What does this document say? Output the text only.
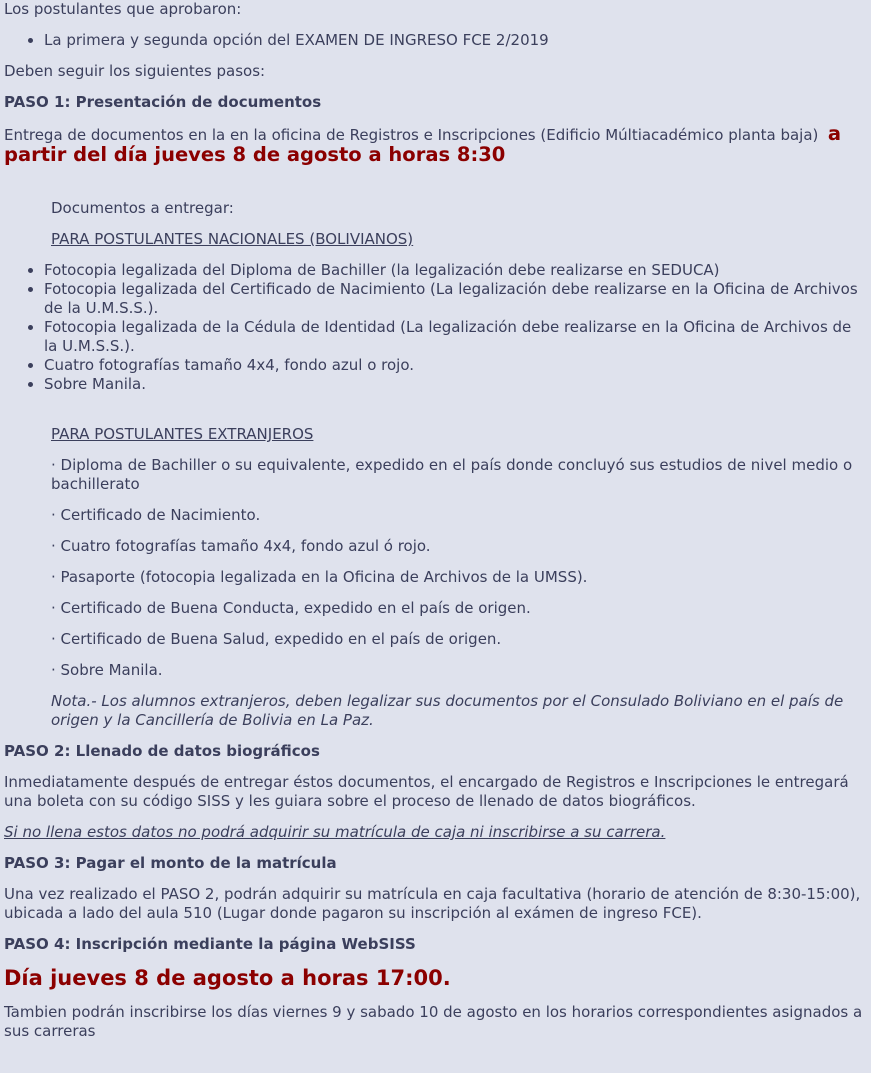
Los postulantes que aprobaron:

• La primera y segunda opción del EXAMEN DE INGRESO FCE 2/2019

Deben seguir los siguientes pasos:

PASO 1: Presentación de documentos

Entrega de documentos en la en la oficina de Registros e Inscripciones (Edificio Múltiacadémico planta baja) a partir del día jueves 8 de agosto a horas 8:30

Documentos a entregar:

PARA POSTULANTES NACIONALES (BOLIVIANOS)

• Fotocopia legalizada del Diploma de Bachiller (la legalización debe realizarse en SEDUCA)
• Fotocopia legalizada del Certificado de Nacimiento (La legalización debe realizarse en la Oficina de Archivos de la U.M.S.S.).
• Fotocopia legalizada de la Cédula de Identidad (La legalización debe realizarse en la Oficina de Archivos de la U.M.S.S.).
• Cuatro fotografías tamaño 4x4, fondo azul o rojo.
• Sobre Manila.

PARA POSTULANTES EXTRANJEROS

· Diploma de Bachiller o su equivalente, expedido en el país donde concluyó sus estudios de nivel medio o bachillerato

· Certificado de Nacimiento.

· Cuatro fotografías tamaño 4x4, fondo azul ó rojo.

· Pasaporte (fotocopia legalizada en la Oficina de Archivos de la UMSS).

· Certificado de Buena Conducta, expedido en el país de origen.

· Certificado de Buena Salud, expedido en el país de origen.

· Sobre Manila.

Nota.- Los alumnos extranjeros, deben legalizar sus documentos por el Consulado Boliviano en el país de origen y la Cancillería de Bolivia en La Paz.

PASO 2: Llenado de datos biográficos

Inmediatamente después de entregar éstos documentos, el encargado de Registros e Inscripciones le entregará una boleta con su código SISS y les guiara sobre el proceso de llenado de datos biográficos.

Si no llena estos datos no podrá adquirir su matrícula de caja ni inscribirse a su carrera.

PASO 3: Pagar el monto de la matrícula

Una vez realizado el PASO 2, podrán adquirir su matrícula en caja facultativa (horario de atención de 8:30-15:00), ubicada a lado del aula 510 (Lugar donde pagaron su inscripción al exámen de ingreso FCE).

PASO 4: Inscripción mediante la página WebSISS

Día jueves 8 de agosto a horas 17:00.

Tambien podrán inscribirse los días viernes 9 y sabado 10 de agosto en los horarios correspondientes asignados a sus carreras
